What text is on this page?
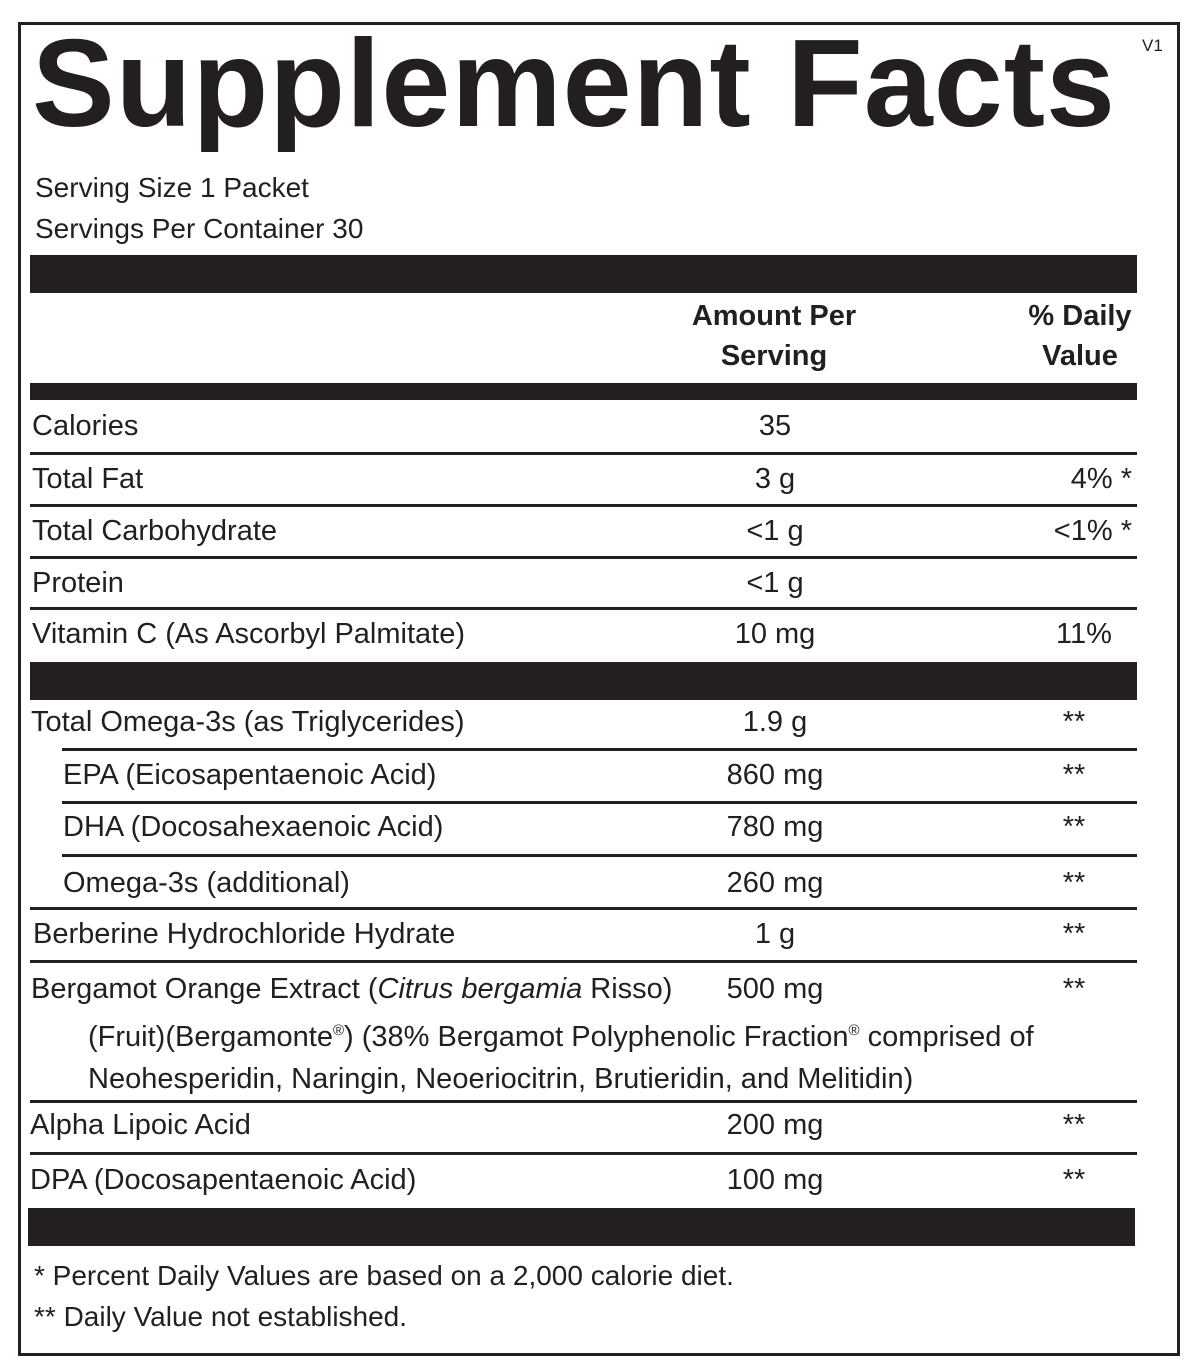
V1
Supplement Facts
Serving Size 1 Packet
Servings Per Container 30
Amount Per
Serving
% Daily
Value
Calories	35
Total Fat	3 g	4% *
Total Carbohydrate	<1 g	<1% *
Protein	<1 g
Vitamin C (As Ascorbyl Palmitate)	10 mg	11%
Total Omega-3s (as Triglycerides)	1.9 g	**
EPA (Eicosapentaenoic Acid)	860 mg	**
DHA (Docosahexaenoic Acid)	780 mg	**
Omega-3s (additional)	260 mg	**
Berberine Hydrochloride Hydrate	1 g	**
Bergamot Orange Extract (Citrus bergamia Risso)	500 mg	**
(Fruit)(Bergamonte®) (38% Bergamot Polyphenolic Fraction® comprised of
Neohesperidin, Naringin, Neoeriocitrin, Brutieridin, and Melitidin)
Alpha Lipoic Acid	200 mg	**
DPA (Docosapentaenoic Acid)	100 mg	**
* Percent Daily Values are based on a 2,000 calorie diet.
** Daily Value not established.
